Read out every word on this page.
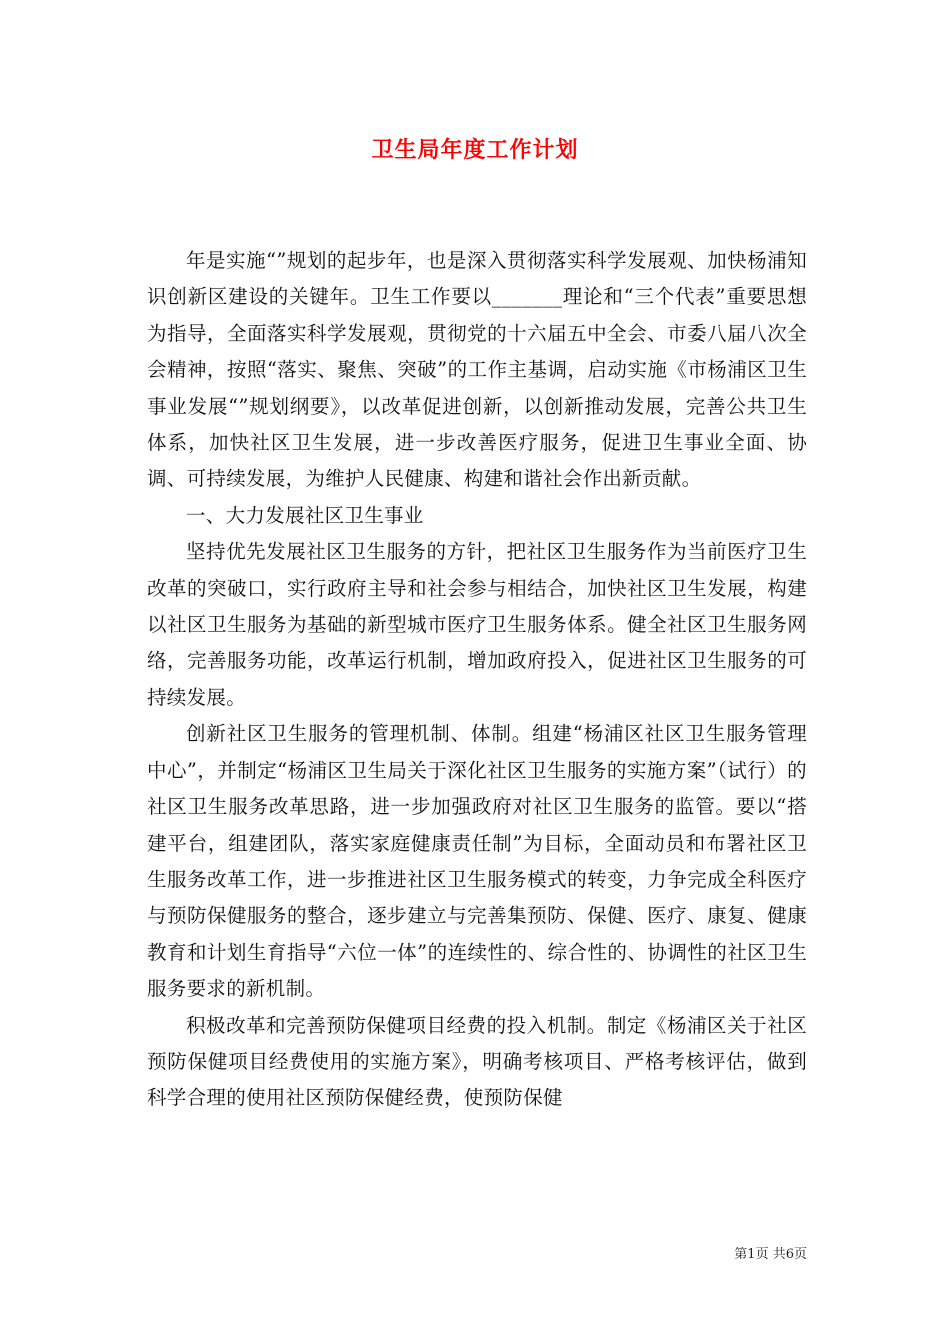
卫生局年度工作计划

年是实施“”规划的起步年，也是深入贯彻落实科学发展观、加快杨浦知识创新区建设的关键年。卫生工作要以_______理论和“三个代表”重要思想为指导，全面落实科学发展观，贯彻党的十六届五中全会、市委八届八次全会精神，按照“落实、聚焦、突破”的工作主基调，启动实施《市杨浦区卫生事业发展“”规划纲要》，以改革促进创新，以创新推动发展，完善公共卫生体系，加快社区卫生发展，进一步改善医疗服务，促进卫生事业全面、协调、可持续发展，为维护人民健康、构建和谐社会作出新贡献。

一、大力发展社区卫生事业

坚持优先发展社区卫生服务的方针，把社区卫生服务作为当前医疗卫生改革的突破口，实行政府主导和社会参与相结合，加快社区卫生发展，构建以社区卫生服务为基础的新型城市医疗卫生服务体系。健全社区卫生服务网络，完善服务功能，改革运行机制，增加政府投入，促进社区卫生服务的可持续发展。

创新社区卫生服务的管理机制、体制。组建“杨浦区社区卫生服务管理中心”，并制定“杨浦区卫生局关于深化社区卫生服务的实施方案”（试行）的社区卫生服务改革思路，进一步加强政府对社区卫生服务的监管。要以“搭建平台，组建团队，落实家庭健康责任制”为目标，全面动员和布署社区卫生服务改革工作，进一步推进社区卫生服务模式的转变，力争完成全科医疗与预防保健服务的整合，逐步建立与完善集预防、保健、医疗、康复、健康教育和计划生育指导“六位一体”的连续性的、综合性的、协调性的社区卫生服务要求的新机制。

积极改革和完善预防保健项目经费的投入机制。制定《杨浦区关于社区预防保健项目经费使用的实施方案》，明确考核项目、严格考核评估，做到科学合理的使用社区预防保健经费，使预防保健

第1页 共6页
